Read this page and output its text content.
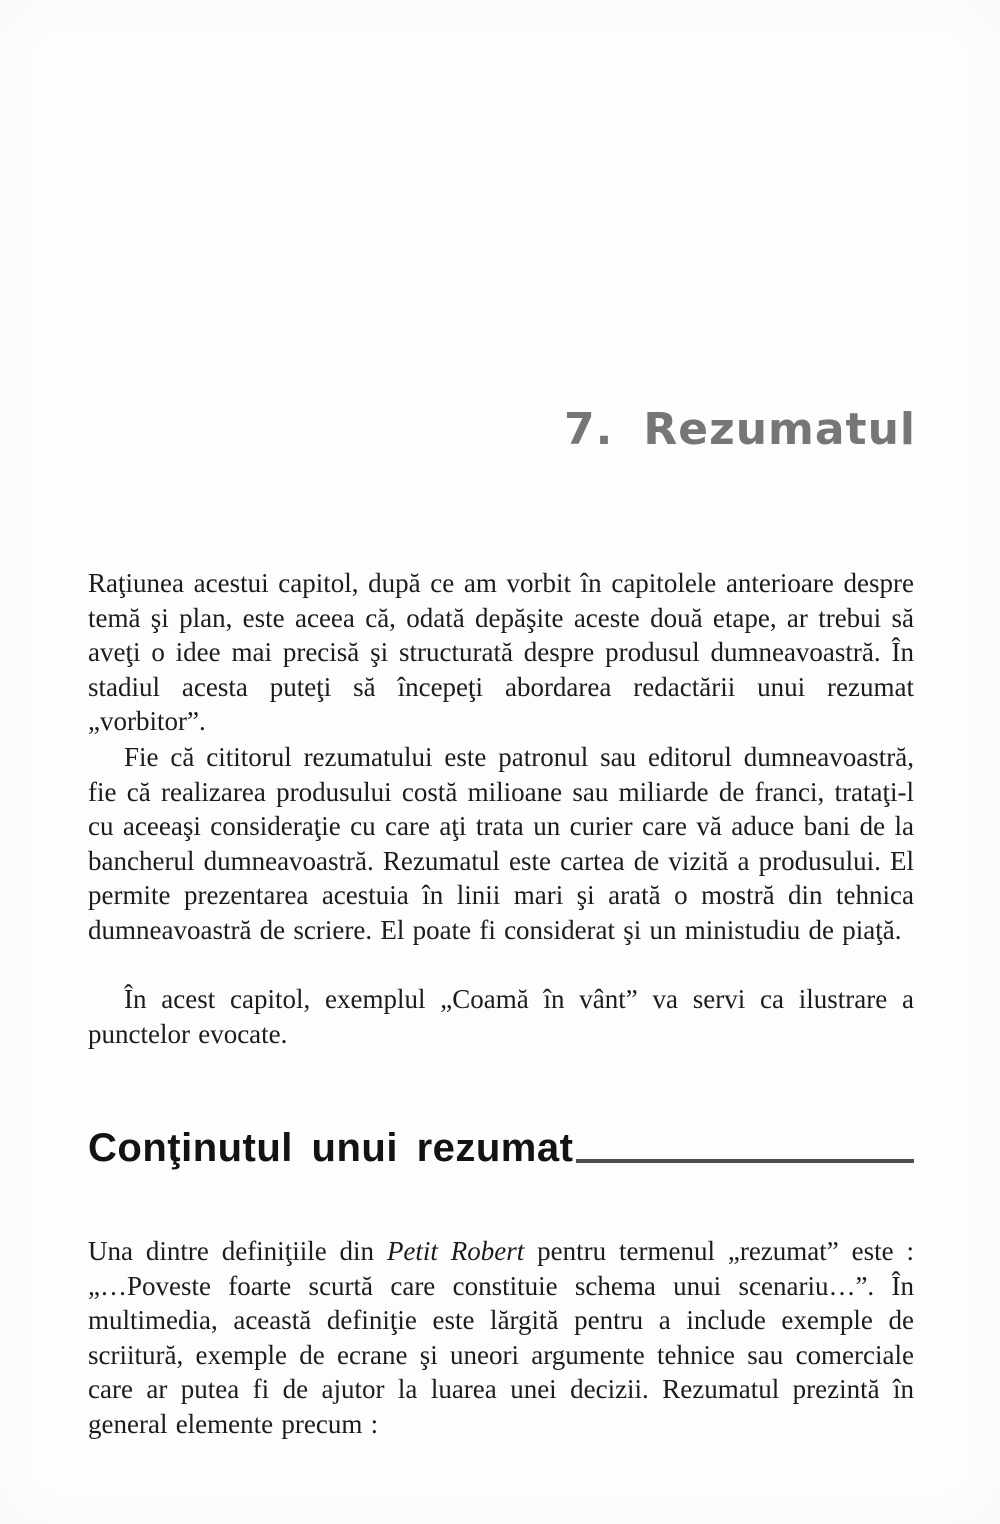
7. Rezumatul

Raţiunea acestui capitol, după ce am vorbit în capitolele anterioare despre temă şi plan, este aceea că, odată depăşite aceste două etape, ar trebui să aveţi o idee mai precisă şi structurată despre produsul dumneavoastră. În stadiul acesta puteţi să începeţi abordarea redactării unui rezumat „vorbitor”.

Fie că cititorul rezumatului este patronul sau editorul dumneavoastră, fie că realizarea produsului costă milioane sau miliarde de franci, trataţi-l cu aceeaşi consideraţie cu care aţi trata un curier care vă aduce bani de la bancherul dumneavoastră. Rezumatul este cartea de vizită a produsului. El permite prezentarea acestuia în linii mari şi arată o mostră din tehnica dumneavoastră de scriere. El poate fi considerat şi un ministudiu de piaţă.

În acest capitol, exemplul „Coamă în vânt” va servi ca ilustrare a punctelor evocate.

Conţinutul unui rezumat

Una dintre definiţiile din Petit Robert pentru termenul „rezumat” este : „…Poveste foarte scurtă care constituie schema unui scenariu…”. În multimedia, această definiţie este lărgită pentru a include exemple de scriitură, exemple de ecrane şi uneori argumente tehnice sau comerciale care ar putea fi de ajutor la luarea unei decizii. Rezumatul prezintă în general elemente precum :
